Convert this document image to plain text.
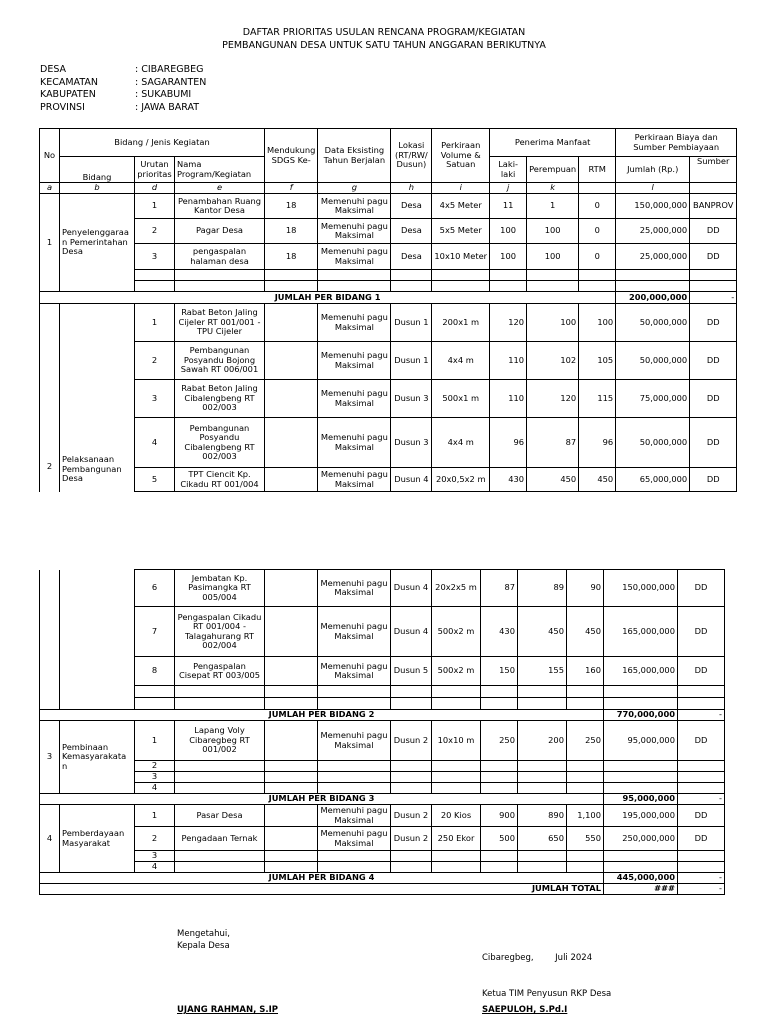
DAFTAR PRIORITAS USULAN RENCANA PROGRAM/KEGIATAN
PEMBANGUNAN DESA UNTUK SATU TAHUN ANGGARAN BERIKUTNYA
DESA	: CIBAREGBEG
KECAMATAN	: SAGARANTEN
KABUPATEN	: SUKABUMI
PROVINSI	: JAWA BARAT
No	Bidang / Jenis Kegiatan			Mendukung SDGS Ke-	Data Eksisting Tahun Berjalan	Lokasi (RT/RW/ Dusun)	Perkiraan Volume & Satuan	Penerima Manfaat			Perkiraan Biaya dan Sumber Pembiayaan	
	Bidang	Urutan prioritas	Nama Program/Kegiatan					Laki-laki	Perempuan	RTM	Jumlah (Rp.)	Sumber
a	b	d	e	f	g	h	i	j	k		l	
1	Penyelenggaraa n Pemerintahan Desa	1	Penambahan Ruang Kantor Desa	18	Memenuhi pagu Maksimal	Desa	4x5 Meter	11	1	0	150,000,000	BANPROV
		2	Pagar Desa	18	Memenuhi pagu Maksimal	Desa	5x5 Meter	100	100	0	25,000,000	DD
		3	pengaspalan halaman desa	18	Memenuhi pagu Maksimal	Desa	10x10 Meter	100	100	0	25,000,000	DD

JUMLAH PER BIDANG 1											200,000,000	-
2	Pelaksanaan Pembangunan Desa	1	Rabat Beton Jaling Cijeler RT 001/001 - TPU Cijeler		Memenuhi pagu Maksimal	Dusun 1	200x1 m	120	100	100	50,000,000	DD
		2	Pembangunan Posyandu Bojong Sawah RT 006/001		Memenuhi pagu Maksimal	Dusun 1	4x4 m	110	102	105	50,000,000	DD
		3	Rabat Beton Jaling Cibalengbeng RT 002/003		Memenuhi pagu Maksimal	Dusun 3	500x1 m	110	120	115	75,000,000	DD
		4	Pembangunan Posyandu Cibalengbeng RT 002/003		Memenuhi pagu Maksimal	Dusun 3	4x4 m	96	87	96	50,000,000	DD
		5	TPT Ciencit Kp. Cikadu RT 001/004		Memenuhi pagu Maksimal	Dusun 4	20x0,5x2 m	430	450	450	65,000,000	DD
		6	Jembatan Kp. Pasimangka RT 005/004		Memenuhi pagu Maksimal	Dusun 4	20x2x5 m	87	89	90	150,000,000	DD
		7	Pengaspalan Cikadu RT 001/004 - Talagahurang RT 002/004		Memenuhi pagu Maksimal	Dusun 4	500x2 m	430	450	450	165,000,000	DD
		8	Pengaspalan Cisepat RT 003/005		Memenuhi pagu Maksimal	Dusun 5	500x2 m	150	155	160	165,000,000	DD

JUMLAH PER BIDANG 2											770,000,000	-
3	Pembinaan Kemasyarakata n	1	Lapang Voly Cibaregbeg RT 001/002		Memenuhi pagu Maksimal	Dusun 2	10x10 m	250	200	250	95,000,000	DD
		2										
		3										
		4										
JUMLAH PER BIDANG 3											95,000,000	-
4	Pemberdayaan Masyarakat	1	Pasar Desa		Memenuhi pagu Maksimal	Dusun 2	20 Kios	900	890	1,100	195,000,000	DD
		2	Pengadaan Ternak		Memenuhi pagu Maksimal	Dusun 2	250 Ekor	500	650	550	250,000,000	DD
		3										
		4										
JUMLAH PER BIDANG 4											445,000,000	-
JUMLAH TOTAL											###	-
Mengetahui,
Kepala Desa
UJANG RAHMAN, S.IP

Cibaregbeg,        Juli 2024

Ketua TIM Penyusun RKP Desa

SAEPULOH, S.Pd.I
